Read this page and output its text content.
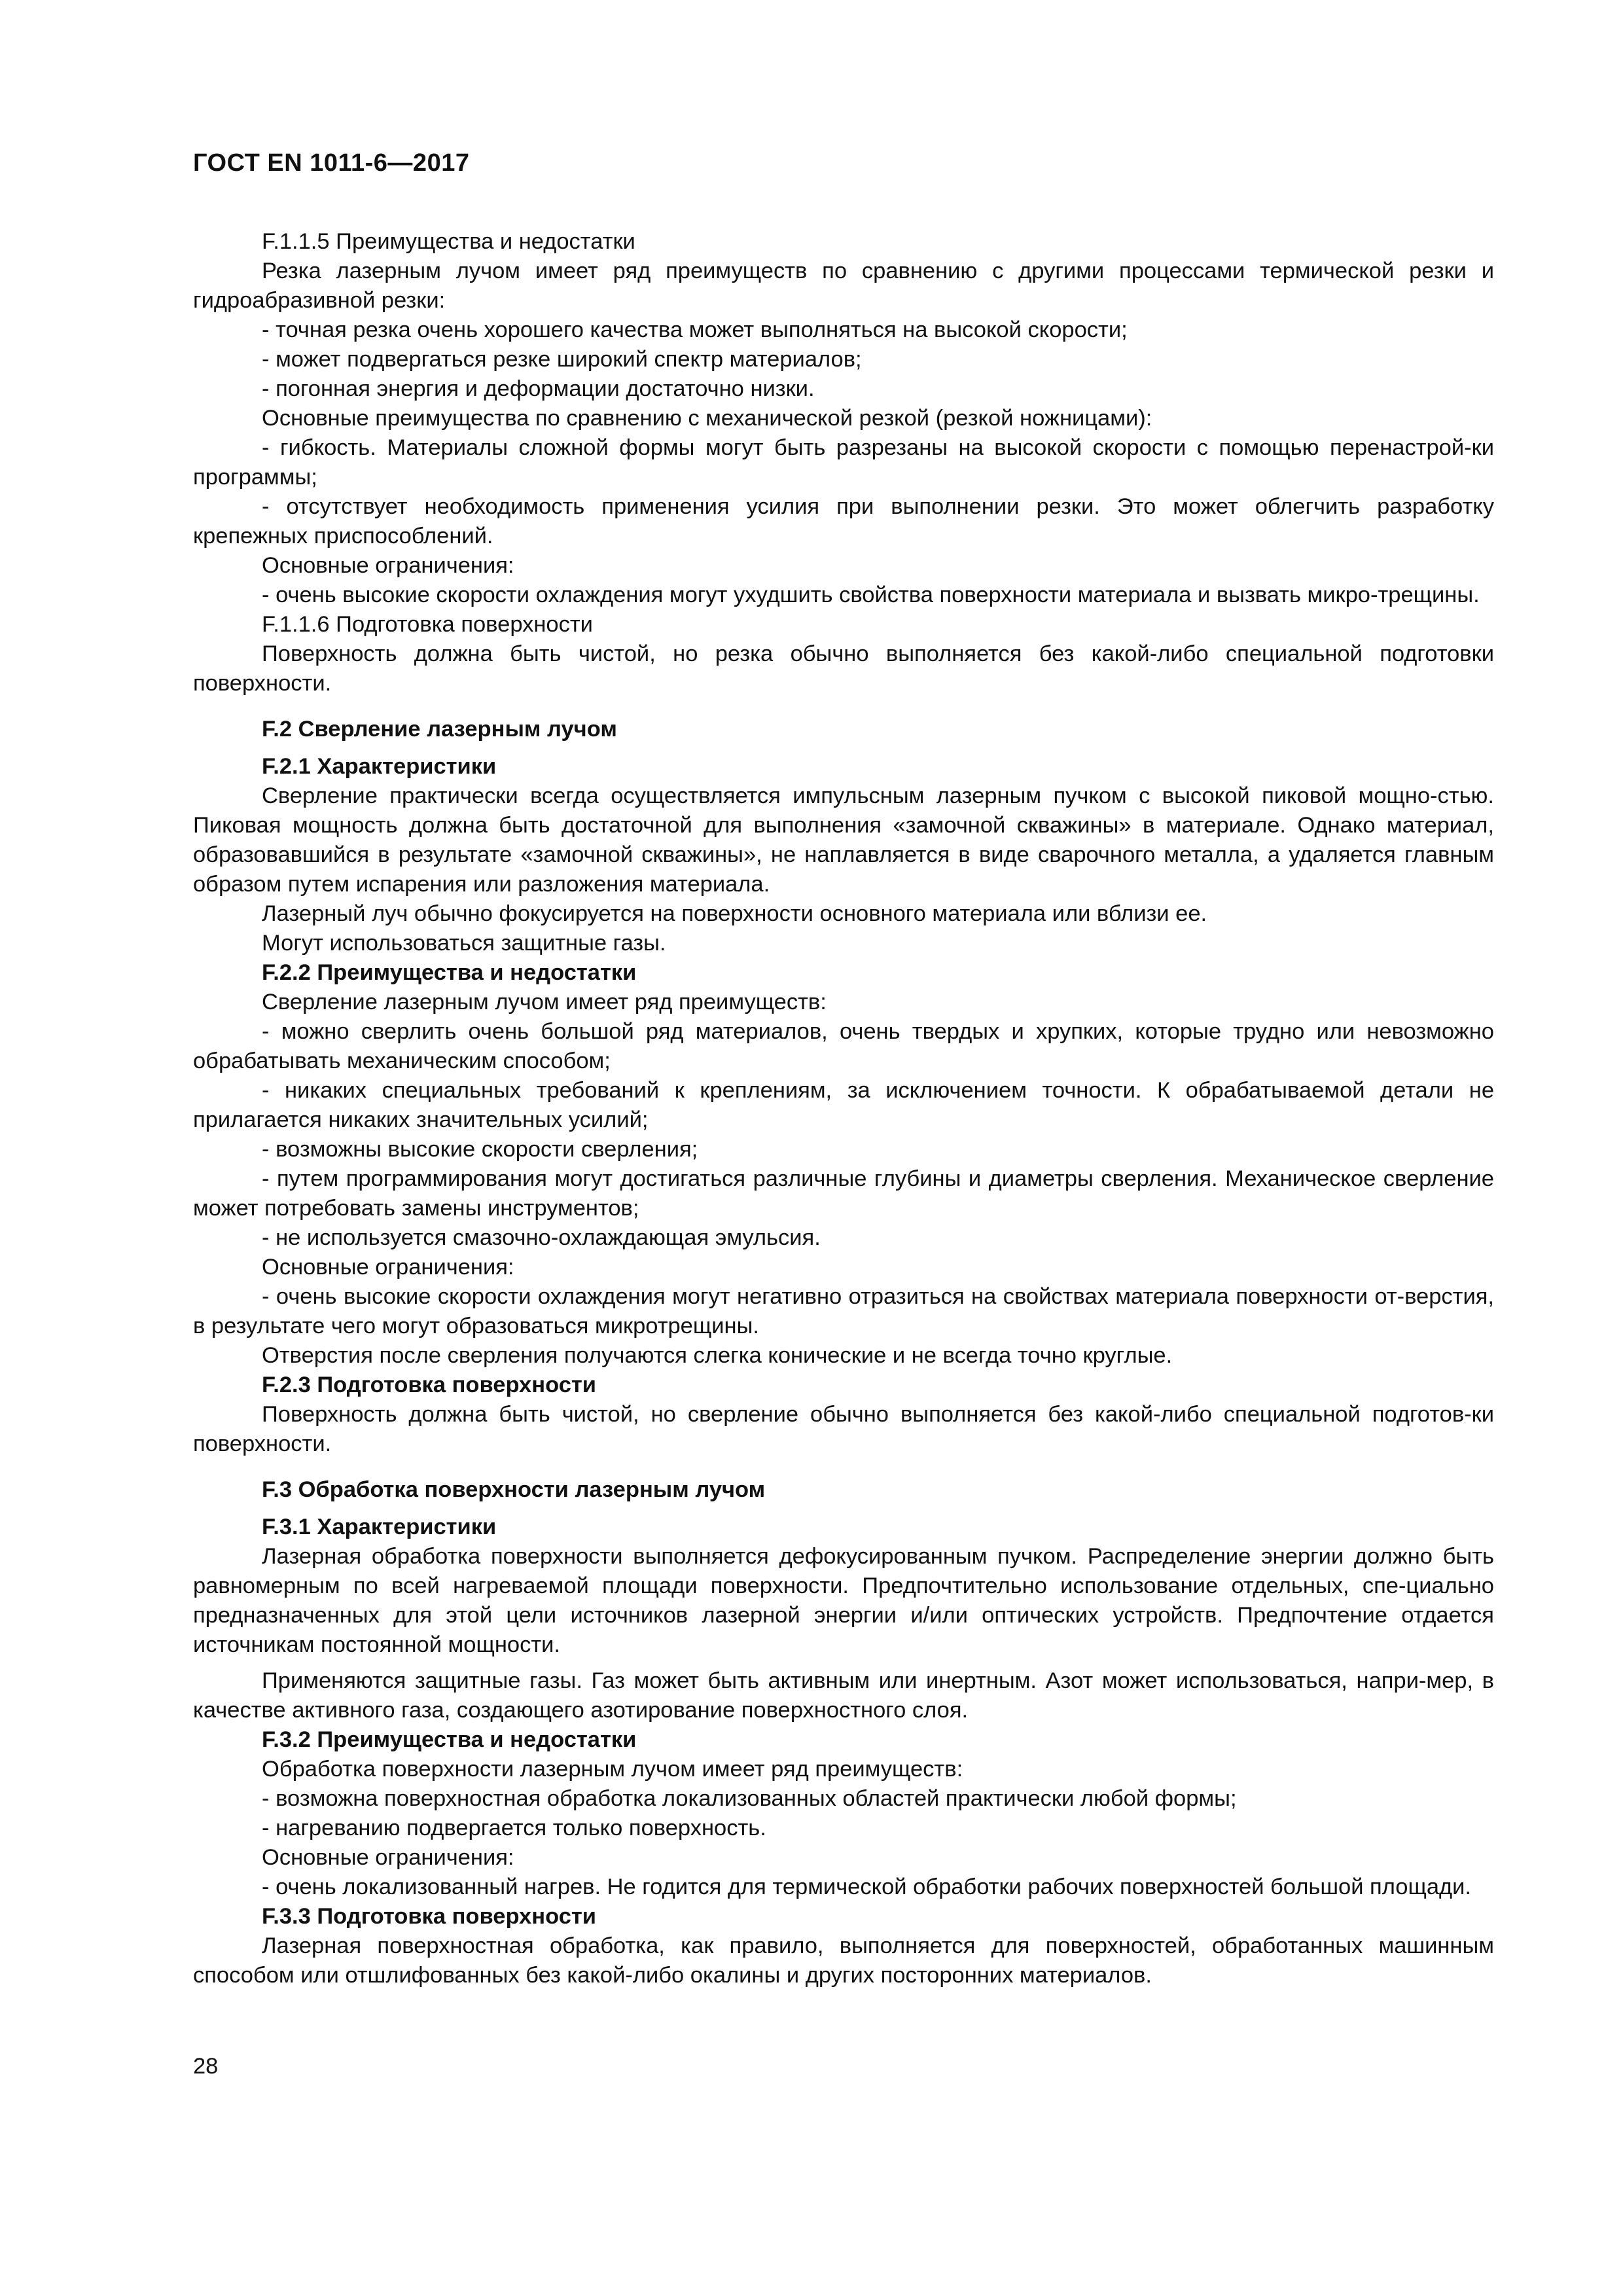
ГОСТ EN 1011-6—2017

F.1.1.5 Преимущества и недостатки

Резка лазерным лучом имеет ряд преимуществ по сравнению с другими процессами термической резки и гидроабразивной резки:

- точная резка очень хорошего качества может выполняться на высокой скорости;

- может подвергаться резке широкий спектр материалов;

- погонная энергия и деформации достаточно низки.

Основные преимущества по сравнению с механической резкой (резкой ножницами):

- гибкость. Материалы сложной формы могут быть разрезаны на высокой скорости с помощью перенастрой-ки программы;

- отсутствует необходимость применения усилия при выполнении резки. Это может облегчить разработку крепежных приспособлений.

Основные ограничения:

- очень высокие скорости охлаждения могут ухудшить свойства поверхности материала и вызвать микро-трещины.

F.1.1.6 Подготовка поверхности

Поверхность должна быть чистой, но резка обычно выполняется без какой-либо специальной подготовки поверхности.

F.2 Сверление лазерным лучом

F.2.1 Характеристики

Сверление практически всегда осуществляется импульсным лазерным пучком с высокой пиковой мощно-стью. Пиковая мощность должна быть достаточной для выполнения «замочной скважины» в материале. Однако материал, образовавшийся в результате «замочной скважины», не наплавляется в виде сварочного металла, а удаляется главным образом путем испарения или разложения материала.

Лазерный луч обычно фокусируется на поверхности основного материала или вблизи ее.

Могут использоваться защитные газы.

F.2.2 Преимущества и недостатки

Сверление лазерным лучом имеет ряд преимуществ:

- можно сверлить очень большой ряд материалов, очень твердых и хрупких, которые трудно или невозможно обрабатывать механическим способом;

- никаких специальных требований к креплениям, за исключением точности. К обрабатываемой детали не прилагается никаких значительных усилий;

- возможны высокие скорости сверления;

- путем программирования могут достигаться различные глубины и диаметры сверления. Механическое сверление может потребовать замены инструментов;

- не используется смазочно-охлаждающая эмульсия.

Основные ограничения:

- очень высокие скорости охлаждения могут негативно отразиться на свойствах материала поверхности от-верстия, в результате чего могут образоваться микротрещины.

Отверстия после сверления получаются слегка конические и не всегда точно круглые.

F.2.3 Подготовка поверхности

Поверхность должна быть чистой, но сверление обычно выполняется без какой-либо специальной подготов-ки поверхности.

F.3 Обработка поверхности лазерным лучом

F.3.1 Характеристики

Лазерная обработка поверхности выполняется дефокусированным пучком. Распределение энергии должно быть равномерным по всей нагреваемой площади поверхности. Предпочтительно использование отдельных, спе-циально предназначенных для этой цели источников лазерной энергии и/или оптических устройств. Предпочтение отдается источникам постоянной мощности.

Применяются защитные газы. Газ может быть активным или инертным. Азот может использоваться, напри-мер, в качестве активного газа, создающего азотирование поверхностного слоя.

F.3.2 Преимущества и недостатки

Обработка поверхности лазерным лучом имеет ряд преимуществ:

- возможна поверхностная обработка локализованных областей практически любой формы;

- нагреванию подвергается только поверхность.

Основные ограничения:

- очень локализованный нагрев. Не годится для термической обработки рабочих поверхностей большой площади.

F.3.3 Подготовка поверхности

Лазерная поверхностная обработка, как правило, выполняется для поверхностей, обработанных машинным способом или отшлифованных без какой-либо окалины и других посторонних материалов.

28
